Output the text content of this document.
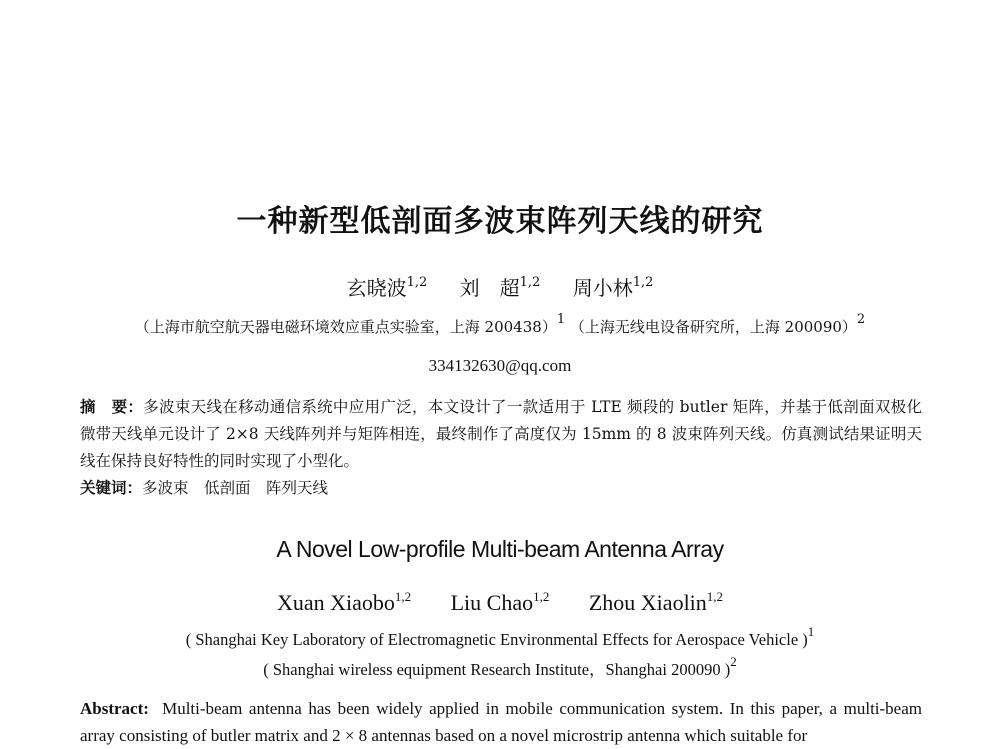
一种新型低剖面多波束阵列天线的研究
玄晓波$^{1,2}$ 刘　超$^{1,2}$ 周小林$^{1,2}$
（上海市航空航天器电磁环境效应重点实验室，上海 200438）$^1$ （上海无线电设备研究所，上海 200090）$^2$
334132630@qq.com
摘　要：多波束天线在移动通信系统中应用广泛，本文设计了一款适用于 LTE 频段的 butler 矩阵，并基于低剖面双极化微带天线单元设计了 2×8 天线阵列并与矩阵相连，最终制作了高度仅为 15mm 的 8 波束阵列天线。仿真测试结果证明天线在保持良好特性的同时实现了小型化。
关键词：多波束　低剖面　阵列天线
A Novel Low-profile Multi-beam Antenna Array
Xuan Xiaobo$^{1,2}$ Liu Chao$^{1,2}$ Zhou Xiaolin$^{1,2}$
( Shanghai Key Laboratory of Electromagnetic Environmental Effects for Aerospace Vehicle )$^1$
( Shanghai wireless equipment Research Institute，Shanghai 200090 )$^2$
Abstract: Multi-beam antenna has been widely applied in mobile communication system. In this paper, a multi-beam array consisting of butler matrix and 2 × 8 antennas based on a novel microstrip antenna which suitable for
